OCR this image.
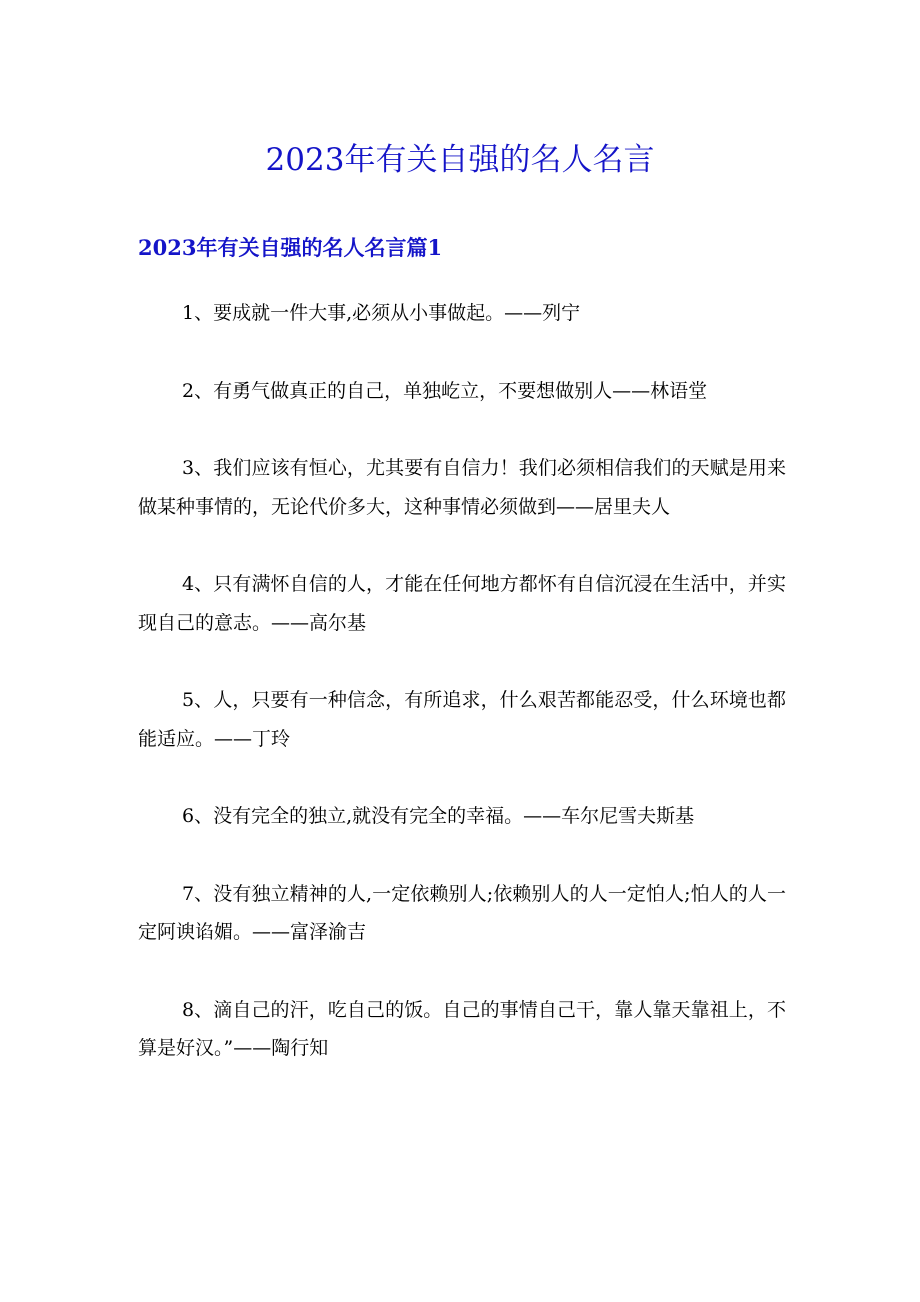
2023年有关自强的名人名言
2023年有关自强的名人名言篇1

1、要成就一件大事,必须从小事做起。——列宁

2、有勇气做真正的自己，单独屹立，不要想做别人——林语堂

3、我们应该有恒心，尤其要有自信力！我们必须相信我们的天赋是用来做某种事情的，无论代价多大，这种事情必须做到——居里夫人

4、只有满怀自信的人，才能在任何地方都怀有自信沉浸在生活中，并实现自己的意志。——高尔基

5、人，只要有一种信念，有所追求，什么艰苦都能忍受，什么环境也都能适应。——丁玲

6、没有完全的独立,就没有完全的幸福。——车尔尼雪夫斯基

7、没有独立精神的人,一定依赖别人;依赖别人的人一定怕人;怕人的人一定阿谀谄媚。——富泽渝吉

8、滴自己的汗，吃自己的饭。自己的事情自己干，靠人靠天靠祖上，不算是好汉。”——陶行知
